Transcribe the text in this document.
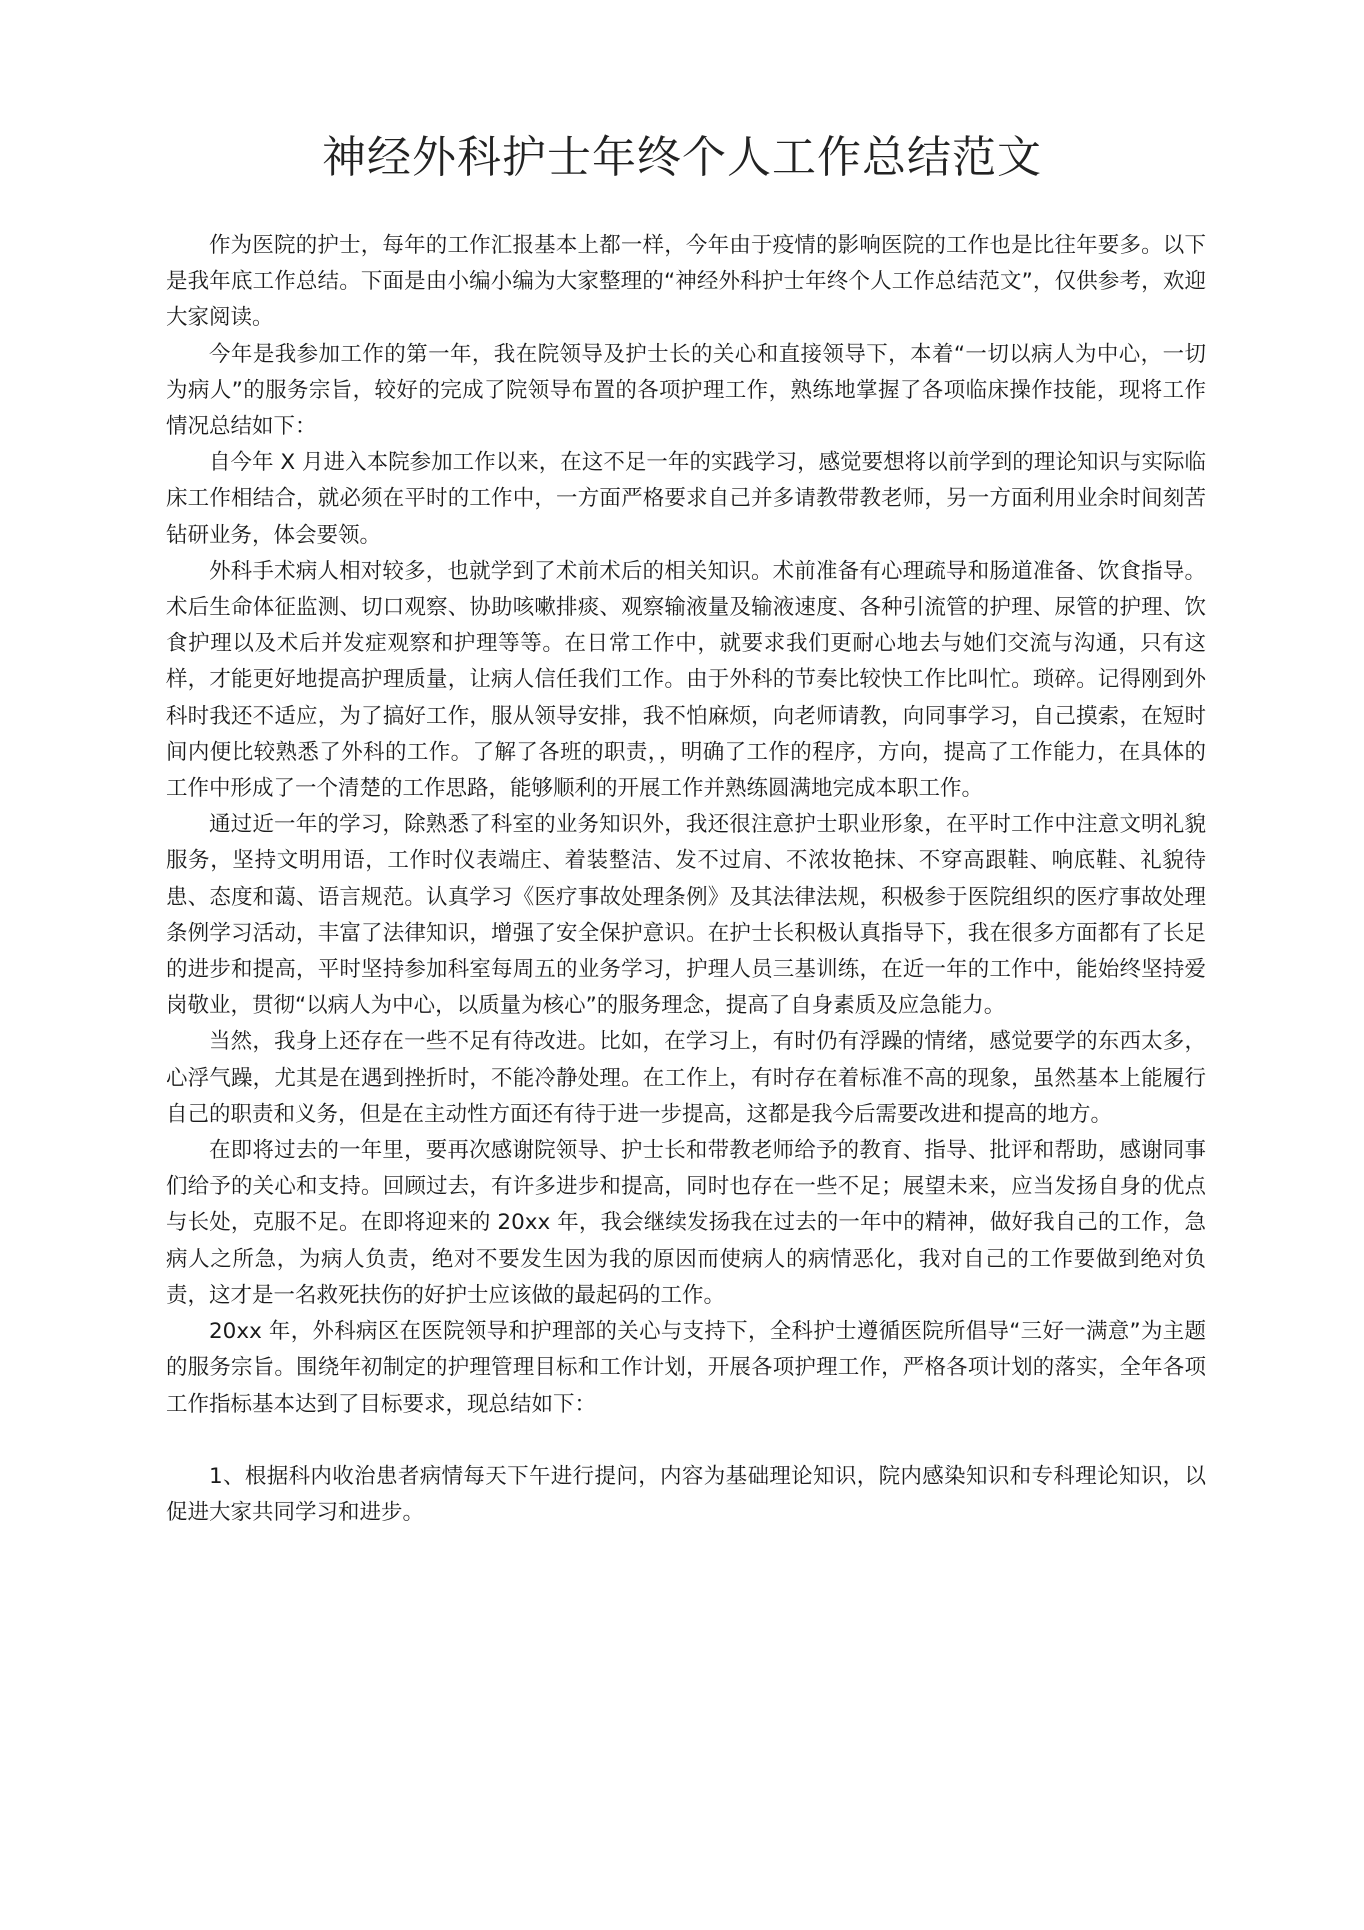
神经外科护士年终个人工作总结范文

作为医院的护士，每年的工作汇报基本上都一样，今年由于疫情的影响医院的工作也是比往年要多。以下是我年底工作总结。下面是由小编小编为大家整理的“神经外科护士年终个人工作总结范文”，仅供参考，欢迎大家阅读。

今年是我参加工作的第一年，我在院领导及护士长的关心和直接领导下，本着“一切以病人为中心，一切为病人”的服务宗旨，较好的完成了院领导布置的各项护理工作，熟练地掌握了各项临床操作技能，现将工作情况总结如下：

自今年 X 月进入本院参加工作以来，在这不足一年的实践学习，感觉要想将以前学到的理论知识与实际临床工作相结合，就必须在平时的工作中，一方面严格要求自己并多请教带教老师，另一方面利用业余时间刻苦钻研业务，体会要领。

外科手术病人相对较多，也就学到了术前术后的相关知识。术前准备有心理疏导和肠道准备、饮食指导。术后生命体征监测、切口观察、协助咳嗽排痰、观察输液量及输液速度、各种引流管的护理、尿管的护理、饮食护理以及术后并发症观察和护理等等。在日常工作中，就要求我们更耐心地去与她们交流与沟通，只有这样，才能更好地提高护理质量，让病人信任我们工作。由于外科的节奏比较快工作比叫忙。琐碎。记得刚到外科时我还不适应，为了搞好工作，服从领导安排，我不怕麻烦，向老师请教，向同事学习，自己摸索，在短时间内便比较熟悉了外科的工作。了解了各班的职责，，明确了工作的程序，方向，提高了工作能力，在具体的工作中形成了一个清楚的工作思路，能够顺利的开展工作并熟练圆满地完成本职工作。

通过近一年的学习，除熟悉了科室的业务知识外，我还很注意护士职业形象，在平时工作中注意文明礼貌服务，坚持文明用语，工作时仪表端庄、着装整洁、发不过肩、不浓妆艳抹、不穿高跟鞋、响底鞋、礼貌待患、态度和蔼、语言规范。认真学习《医疗事故处理条例》及其法律法规，积极参于医院组织的医疗事故处理条例学习活动，丰富了法律知识，增强了安全保护意识。在护士长积极认真指导下，我在很多方面都有了长足的进步和提高，平时坚持参加科室每周五的业务学习，护理人员三基训练，在近一年的工作中，能始终坚持爱岗敬业，贯彻“以病人为中心，以质量为核心”的服务理念，提高了自身素质及应急能力。

当然，我身上还存在一些不足有待改进。比如，在学习上，有时仍有浮躁的情绪，感觉要学的东西太多，心浮气躁，尤其是在遇到挫折时，不能冷静处理。在工作上，有时存在着标准不高的现象，虽然基本上能履行自己的职责和义务，但是在主动性方面还有待于进一步提高，这都是我今后需要改进和提高的地方。

在即将过去的一年里，要再次感谢院领导、护士长和带教老师给予的教育、指导、批评和帮助，感谢同事们给予的关心和支持。回顾过去，有许多进步和提高，同时也存在一些不足；展望未来，应当发扬自身的优点与长处，克服不足。在即将迎来的 20xx 年，我会继续发扬我在过去的一年中的精神，做好我自己的工作，急病人之所急，为病人负责，绝对不要发生因为我的原因而使病人的病情恶化，我对自己的工作要做到绝对负责，这才是一名救死扶伤的好护士应该做的最起码的工作。

20xx 年，外科病区在医院领导和护理部的关心与支持下，全科护士遵循医院所倡导“三好一满意”为主题的服务宗旨。围绕年初制定的护理管理目标和工作计划，开展各项护理工作，严格各项计划的落实，全年各项工作指标基本达到了目标要求，现总结如下：

1、根据科内收治患者病情每天下午进行提问，内容为基础理论知识，院内感染知识和专科理论知识，以促进大家共同学习和进步。
